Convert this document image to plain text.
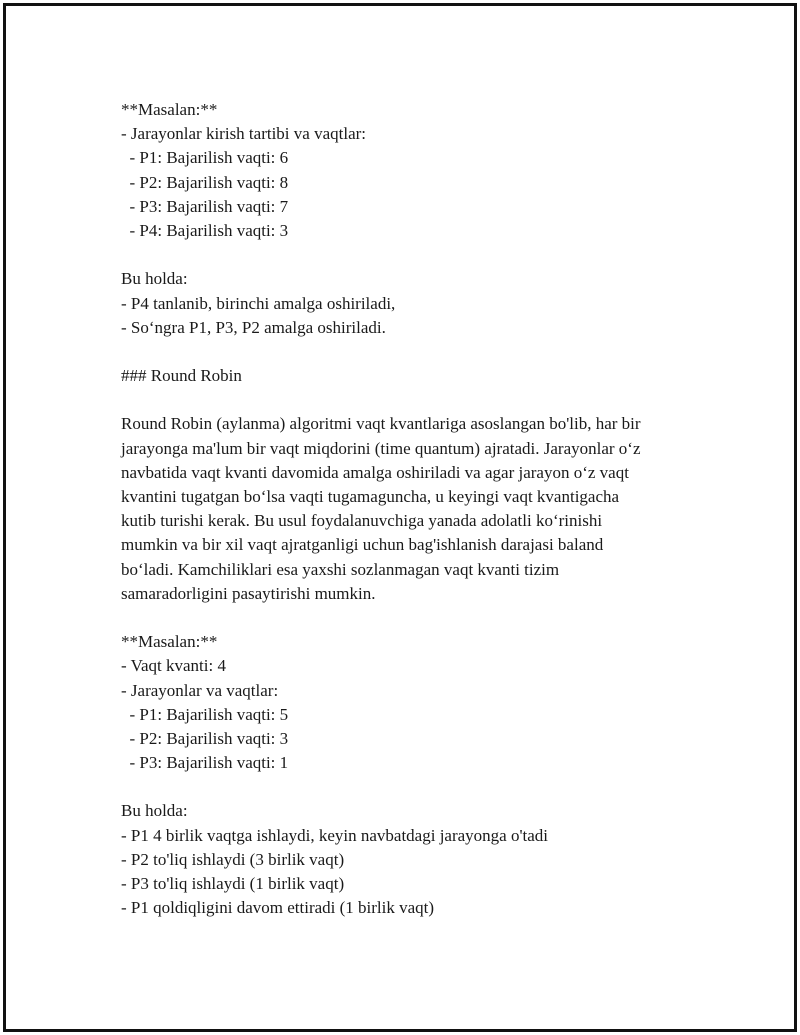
**Masalan:**
- Jarayonlar kirish tartibi va vaqtlar:
- P1: Bajarilish vaqti: 6
- P2: Bajarilish vaqti: 8
- P3: Bajarilish vaqti: 7
- P4: Bajarilish vaqti: 3
Bu holda:
- P4 tanlanib, birinchi amalga oshiriladi,
- So‘ngra P1, P3, P2 amalga oshiriladi.
### Round Robin
Round Robin (aylanma) algoritmi vaqt kvantlariga asoslangan bo'lib, har bir
jarayonga ma'lum bir vaqt miqdorini (time quantum) ajratadi. Jarayonlar o‘z
navbatida vaqt kvanti davomida amalga oshiriladi va agar jarayon o‘z vaqt
kvantini tugatgan bo‘lsa vaqti tugamaguncha, u keyingi vaqt kvantigacha
kutib turishi kerak. Bu usul foydalanuvchiga yanada adolatli ko‘rinishi
mumkin va bir xil vaqt ajratganligi uchun bag'ishlanish darajasi baland
bo‘ladi. Kamchiliklari esa yaxshi sozlanmagan vaqt kvanti tizim
samaradorligini pasaytirishi mumkin.
**Masalan:**
- Vaqt kvanti: 4
- Jarayonlar va vaqtlar:
- P1: Bajarilish vaqti: 5
- P2: Bajarilish vaqti: 3
- P3: Bajarilish vaqti: 1
Bu holda:
- P1 4 birlik vaqtga ishlaydi, keyin navbatdagi jarayonga o'tadi
- P2 to'liq ishlaydi (3 birlik vaqt)
- P3 to'liq ishlaydi (1 birlik vaqt)
- P1 qoldiqligini davom ettiradi (1 birlik vaqt)
